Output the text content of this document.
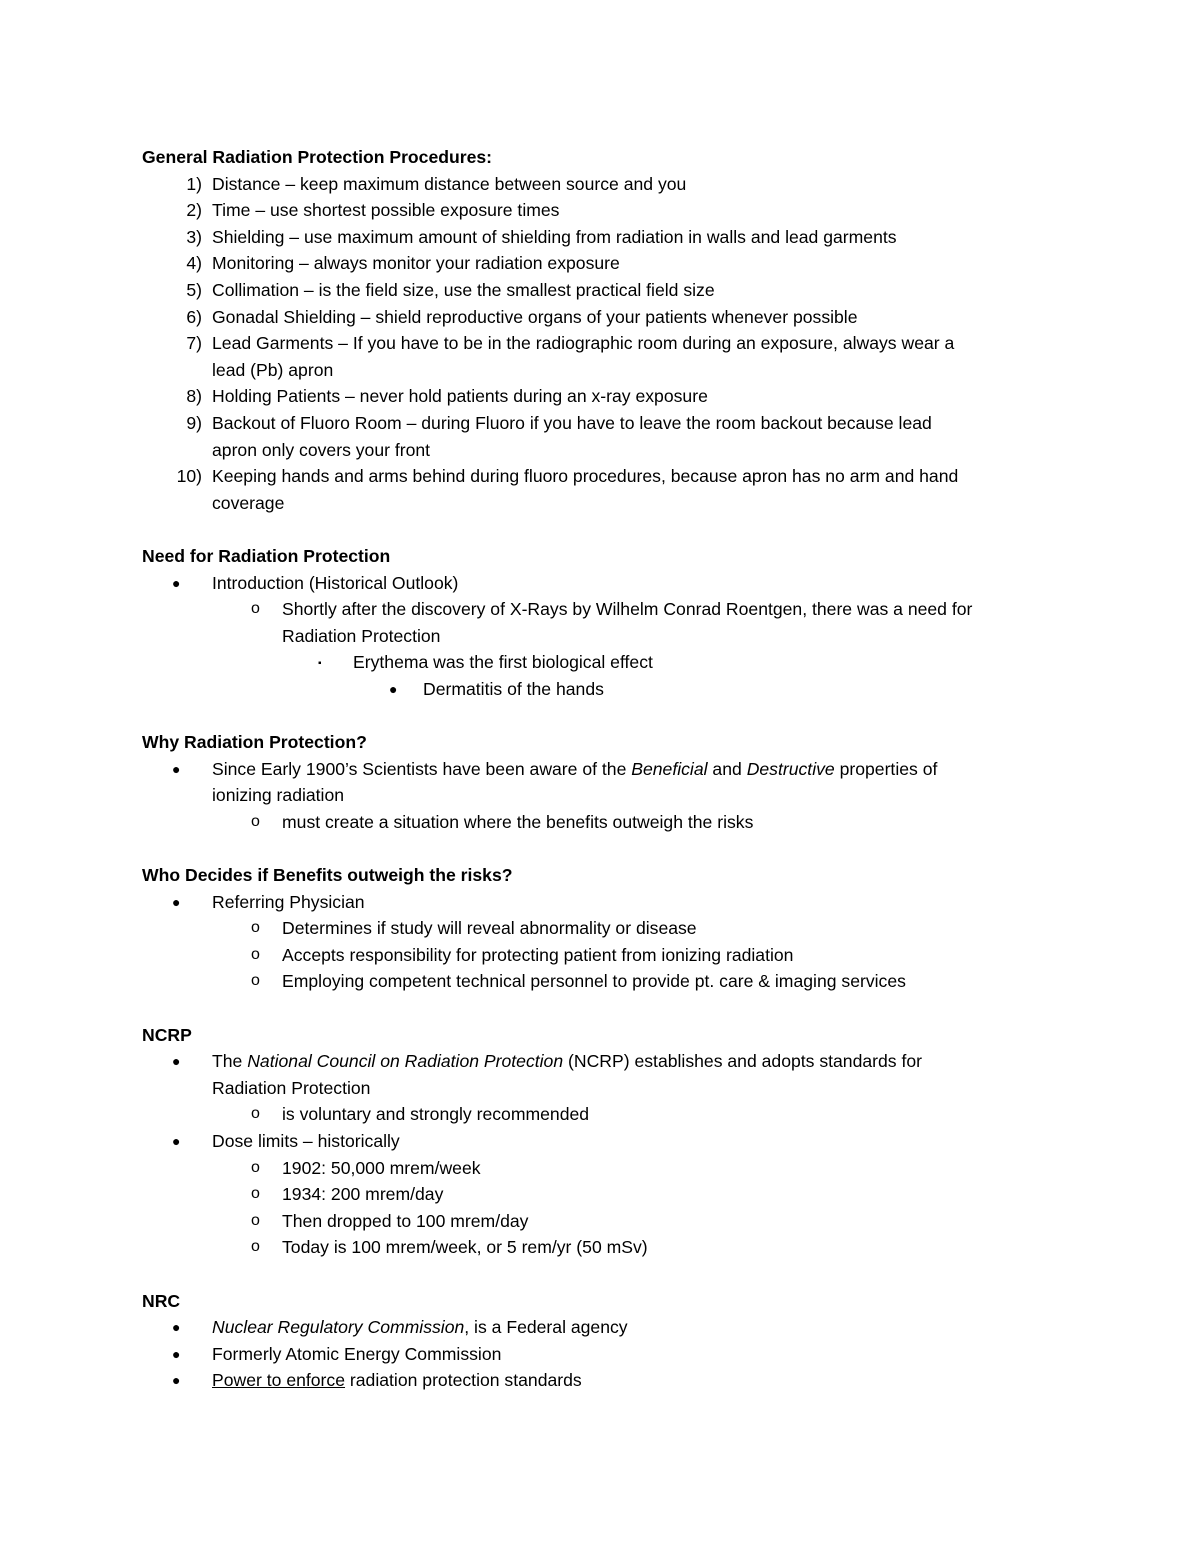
General Radiation Protection Procedures:
1) Distance – keep maximum distance between source and you
2) Time – use shortest possible exposure times
3) Shielding – use maximum amount of shielding from radiation in walls and lead garments
4) Monitoring – always monitor your radiation exposure
5) Collimation – is the field size, use the smallest practical field size
6) Gonadal Shielding – shield reproductive organs of your patients whenever possible
7) Lead Garments – If you have to be in the radiographic room during an exposure, always wear a
lead (Pb) apron
8) Holding Patients – never hold patients during an x-ray exposure
9) Backout of Fluoro Room – during Fluoro if you have to leave the room backout because lead
apron only covers your front
10) Keeping hands and arms behind during fluoro procedures, because apron has no arm and hand
coverage
Need for Radiation Protection
● Introduction (Historical Outlook)
o Shortly after the discovery of X-Rays by Wilhelm Conrad Roentgen, there was a need for
Radiation Protection
▪ Erythema was the first biological effect
● Dermatitis of the hands
Why Radiation Protection?
● Since Early 1900’s Scientists have been aware of the Beneficial and Destructive properties of
ionizing radiation
o must create a situation where the benefits outweigh the risks
Who Decides if Benefits outweigh the risks?
● Referring Physician
o Determines if study will reveal abnormality or disease
o Accepts responsibility for protecting patient from ionizing radiation
o Employing competent technical personnel to provide pt. care & imaging services
NCRP
● The National Council on Radiation Protection (NCRP) establishes and adopts standards for
Radiation Protection
o is voluntary and strongly recommended
● Dose limits – historically
o 1902: 50,000 mrem/week
o 1934: 200 mrem/day
o Then dropped to 100 mrem/day
o Today is 100 mrem/week, or 5 rem/yr (50 mSv)
NRC
● Nuclear Regulatory Commission, is a Federal agency
● Formerly Atomic Energy Commission
● Power to enforce radiation protection standards
